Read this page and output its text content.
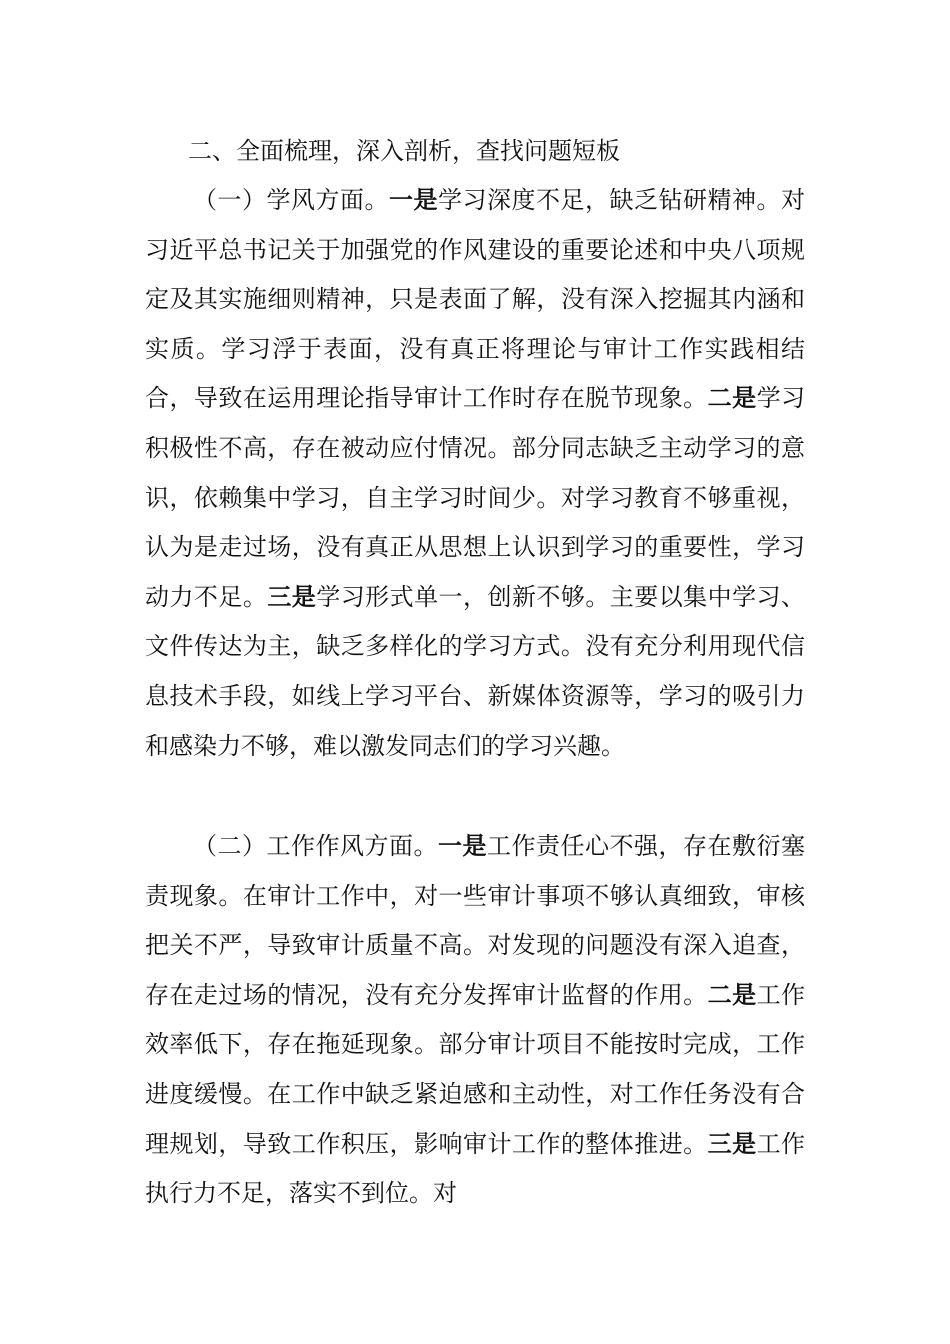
二、全面梳理，深入剖析，查找问题短板

（一）学风方面。一是学习深度不足，缺乏钻研精神。对习近平总书记关于加强党的作风建设的重要论述和中央八项规定及其实施细则精神，只是表面了解，没有深入挖掘其内涵和实质。学习浮于表面，没有真正将理论与审计工作实践相结合，导致在运用理论指导审计工作时存在脱节现象。二是学习积极性不高，存在被动应付情况。部分同志缺乏主动学习的意识，依赖集中学习，自主学习时间少。对学习教育不够重视，认为是走过场，没有真正从思想上认识到学习的重要性，学习动力不足。三是学习形式单一，创新不够。主要以集中学习、文件传达为主，缺乏多样化的学习方式。没有充分利用现代信息技术手段，如线上学习平台、新媒体资源等，学习的吸引力和感染力不够，难以激发同志们的学习兴趣。

（二）工作作风方面。一是工作责任心不强，存在敷衍塞责现象。在审计工作中，对一些审计事项不够认真细致，审核把关不严，导致审计质量不高。对发现的问题没有深入追查，存在走过场的情况，没有充分发挥审计监督的作用。二是工作效率低下，存在拖延现象。部分审计项目不能按时完成，工作进度缓慢。在工作中缺乏紧迫感和主动性，对工作任务没有合理规划，导致工作积压，影响审计工作的整体推进。三是工作执行力不足，落实不到位。对
